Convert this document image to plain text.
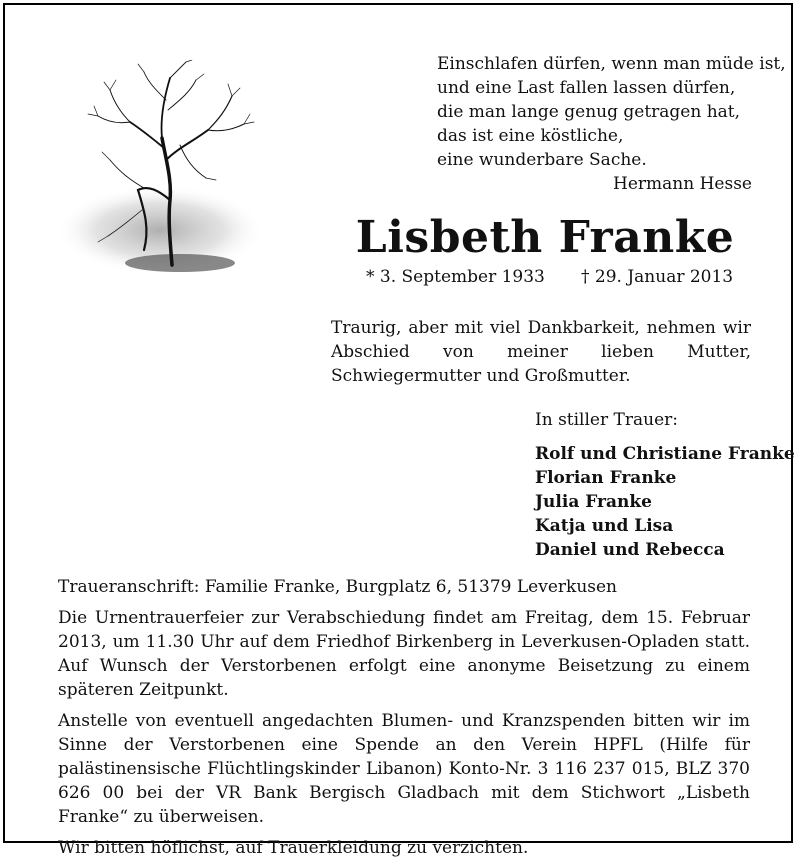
Einschlafen dürfen, wenn man müde ist,
und eine Last fallen lassen dürfen,
die man lange genug getragen hat,
das ist eine köstliche,
eine wunderbare Sache.
Hermann Hesse
Lisbeth Franke
* 3. September 1933 † 29. Januar 2013
Traurig, aber mit viel Dankbarkeit, nehmen wir Abschied von meiner lieben Mutter, Schwiegermutter und Großmutter.
In stiller Trauer:
Rolf und Christiane Franke
Florian Franke
Julia Franke
Katja und Lisa
Daniel und Rebecca

Traueranschrift: Familie Franke, Burgplatz 6, 51379 Leverkusen

Die Urnentrauerfeier zur Verabschiedung findet am Freitag, dem 15. Februar 2013, um 11.30 Uhr auf dem Friedhof Birkenberg in Leverkusen-Opladen statt. Auf Wunsch der Verstorbenen erfolgt eine anonyme Beisetzung zu einem späteren Zeitpunkt.

Anstelle von eventuell angedachten Blumen- und Kranzspenden bitten wir im Sinne der Verstorbenen eine Spende an den Verein HPFL (Hilfe für palästinensische Flüchtlingskinder Libanon) Konto-Nr. 3 116 237 015, BLZ 370 626 00 bei der VR Bank Bergisch Gladbach mit dem Stichwort „Lisbeth Franke“ zu überweisen.

Wir bitten höflichst, auf Trauerkleidung zu verzichten.
